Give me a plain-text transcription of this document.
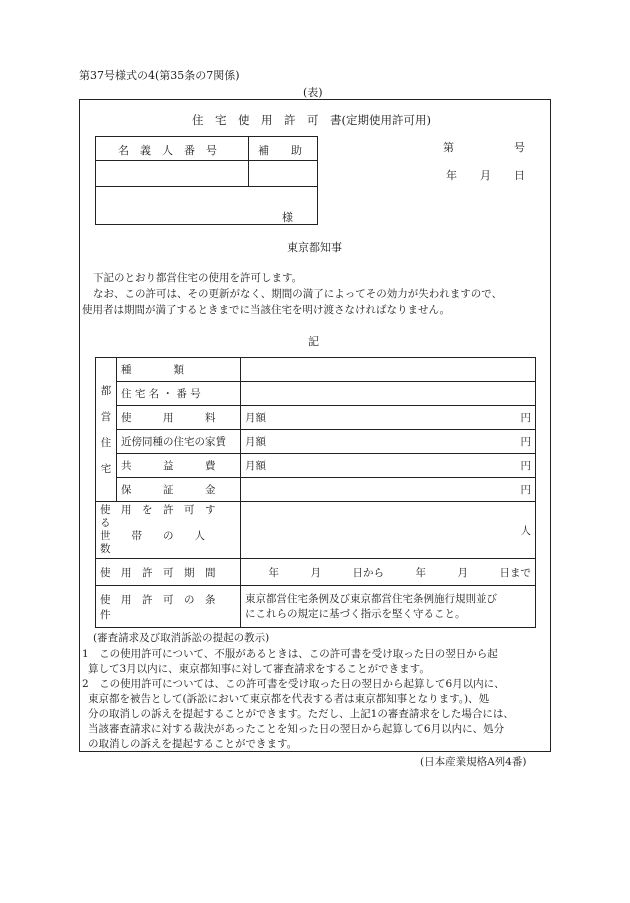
第37号様式の4(第35条の7関係)
(表)
住　宅　使　用　許　可　書(定期使用許可用)
名　義　人　番　号	補　　助
様
第	号
年 月 日
東京都知事
下記のとおり都営住宅の使用を許可します。
なお、この許可は、その更新がなく、期間の満了によってその効力が失われますので、
使用者は期間が満了するときまでに当該住宅を明け渡さなければなりません。
記
都
営
住
宅	種　　　　類	
	住 宅 名 ・ 番 号	
	使　　　用　　　料	月額 円

	近傍同種の住宅の家賃	月額 円

	共　　　益　　　費	月額 円

	保　　　証　　　金	円

使　用　を　許　可　す　る
世　　帯　　の　　人　　数		人
使　用　許　可　期　間		年　　　月　　　日から　　　年　　　月　　　日まで
使　用　許　可　の　条　件		東京都営住宅条例及び東京都営住宅条例施行規則並び
にこれらの規定に基づく指示を堅く守ること。
(審査請求及び取消訴訟の提起の教示)
1　この使用許可について、不服があるときは、この許可書を受け取った日の翌日から起
算して3月以内に、東京都知事に対して審査請求をすることができます。
2　この使用許可については、この許可書を受け取った日の翌日から起算して6月以内に、
東京都を被告として(訴訟において東京都を代表する者は東京都知事となります。)、処
分の取消しの訴えを提起することができます。ただし、上記1の審査請求をした場合には、
当該審査請求に対する裁決があったことを知った日の翌日から起算して6月以内に、処分
の取消しの訴えを提起することができます。
(日本産業規格A列4番)
